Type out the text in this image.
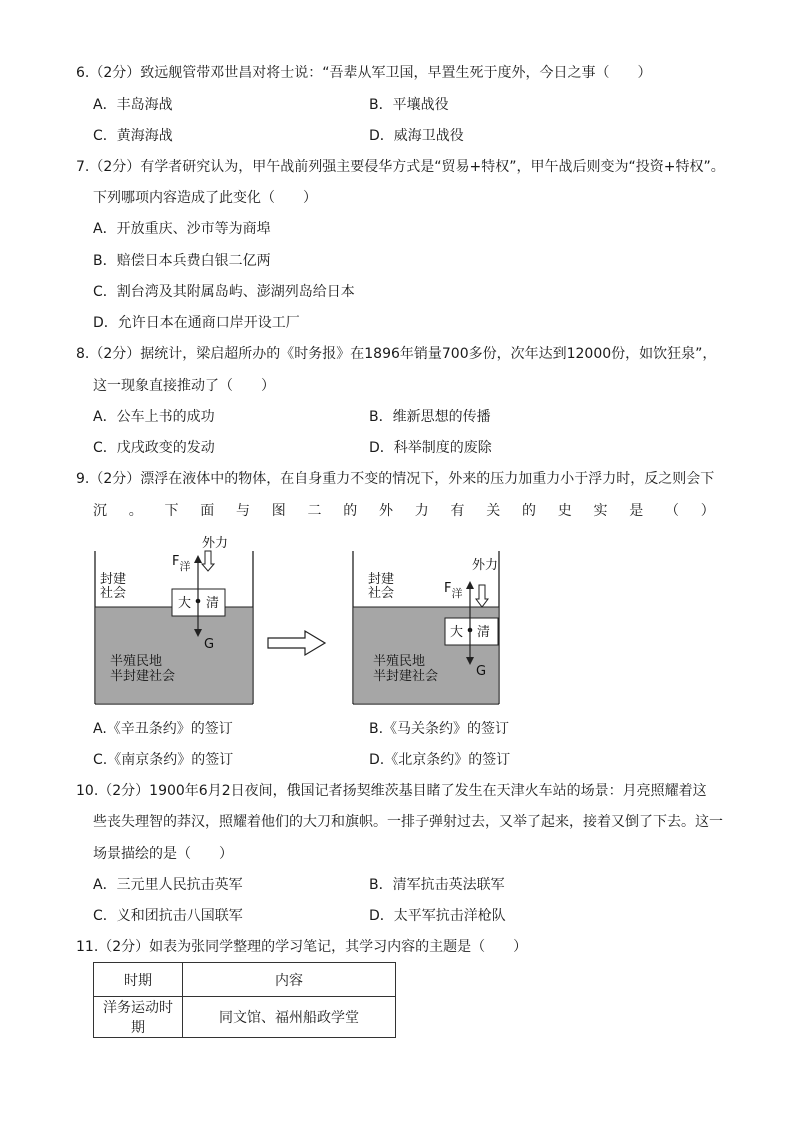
6.（2分）致远舰管带邓世昌对将士说：“吾辈从军卫国，早置生死于度外，今日之事（　　）
A．丰岛海战	B．平壤战役
C．黄海海战	D．威海卫战役
7.（2分）有学者研究认为，甲午战前列强主要侵华方式是“贸易+特权”，甲午战后则变为“投资+特权”。
下列哪项内容造成了此变化（　　）
A．开放重庆、沙市等为商埠
B．赔偿日本兵费白银二亿两
C．割台湾及其附属岛屿、澎湖列岛给日本
D．允许日本在通商口岸开设工厂
8.（2分）据统计，梁启超所办的《时务报》在1896年销量700多份，次年达到12000份，如饮狂泉”，
这一现象直接推动了（　　）
A．公车上书的成功	B．维新思想的传播
C．戊戌政变的发动	D．科举制度的废除
9.（2分）漂浮在液体中的物体，在自身重力不变的情况下，外来的压力加重力小于浮力时，反之则会下
沉 。 下 面 与 图 二 的 外 力 有 关 的 史 实 是 （ ）
封建
社会
半殖民地
半封建社会
大 清
$F_洋$
G
外力
封建
社会
半殖民地
半封建社会
大 清
$F_洋$
G
外力
A.《辛丑条约》的签订	B.《马关条约》的签订
C.《南京条约》的签订	D.《北京条约》的签订
10.（2分）1900年6月2日夜间，俄国记者扬契维茨基目睹了发生在天津火车站的场景：月亮照耀着这
些丧失理智的莽汉，照耀着他们的大刀和旗帜。一排子弹射过去，又举了起来，接着又倒了下去。这一
场景描绘的是（　　）
A．三元里人民抗击英军	B．清军抗击英法联军
C．义和团抗击八国联军	D．太平军抗击洋枪队
11.（2分）如表为张同学整理的学习笔记，其学习内容的主题是（　　）
时期	内容
洋务运动时期	同文馆、福州船政学堂
